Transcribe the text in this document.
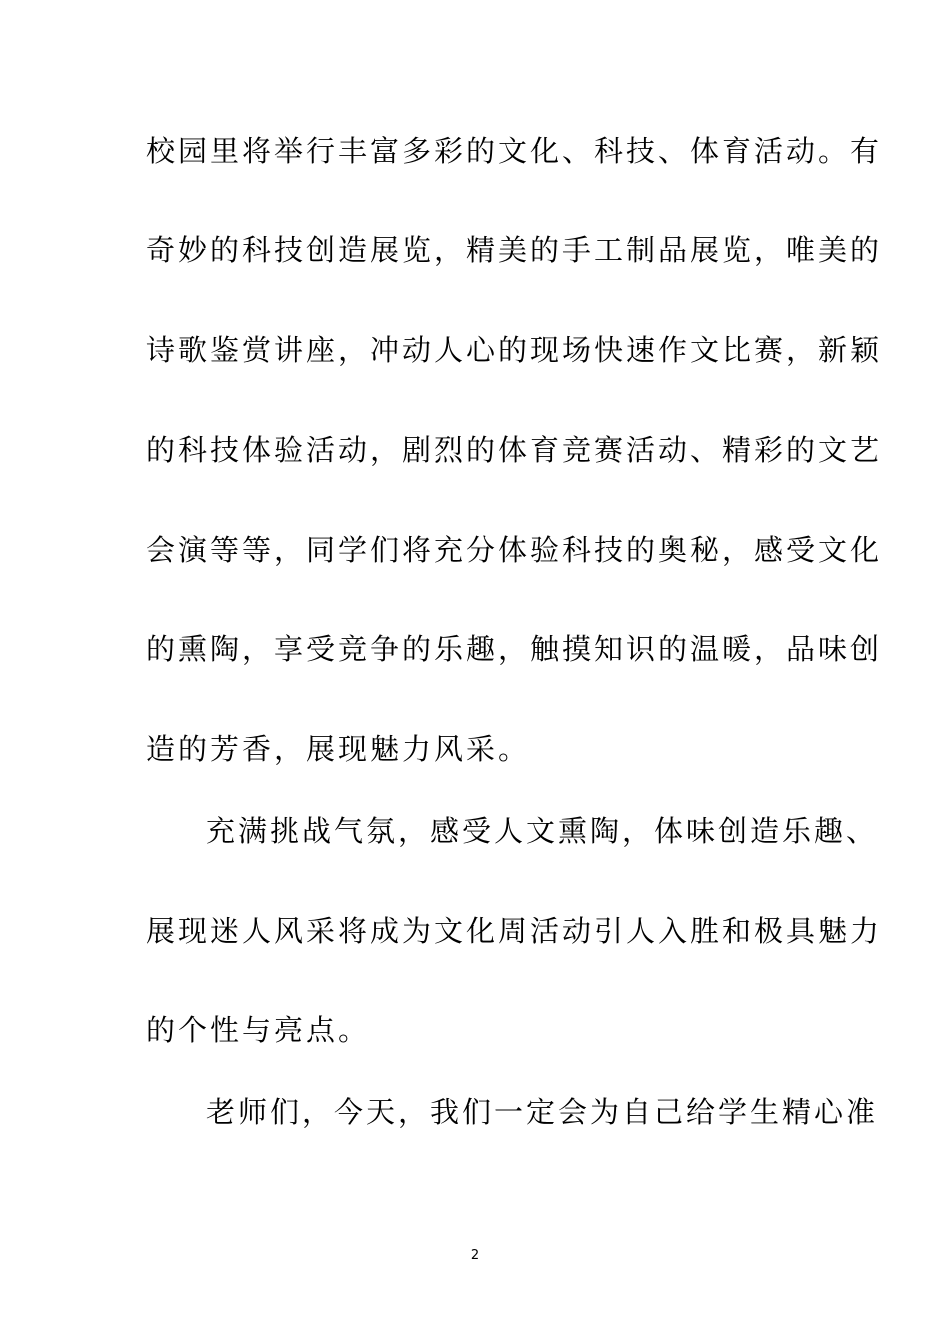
校园里将举行丰富多彩的文化、科技、体育活动。有
奇妙的科技创造展览，精美的手工制品展览，唯美的
诗歌鉴赏讲座，冲动人心的现场快速作文比赛，新颖
的科技体验活动，剧烈的体育竞赛活动、精彩的文艺
会演等等，同学们将充分体验科技的奥秘，感受文化
的熏陶，享受竞争的乐趣，触摸知识的温暖，品味创
造的芳香，展现魅力风采。
充满挑战气氛，感受人文熏陶，体味创造乐趣、
展现迷人风采将成为文化周活动引人入胜和极具魅力
的个性与亮点。
老师们，今天，我们一定会为自己给学生精心准
2
